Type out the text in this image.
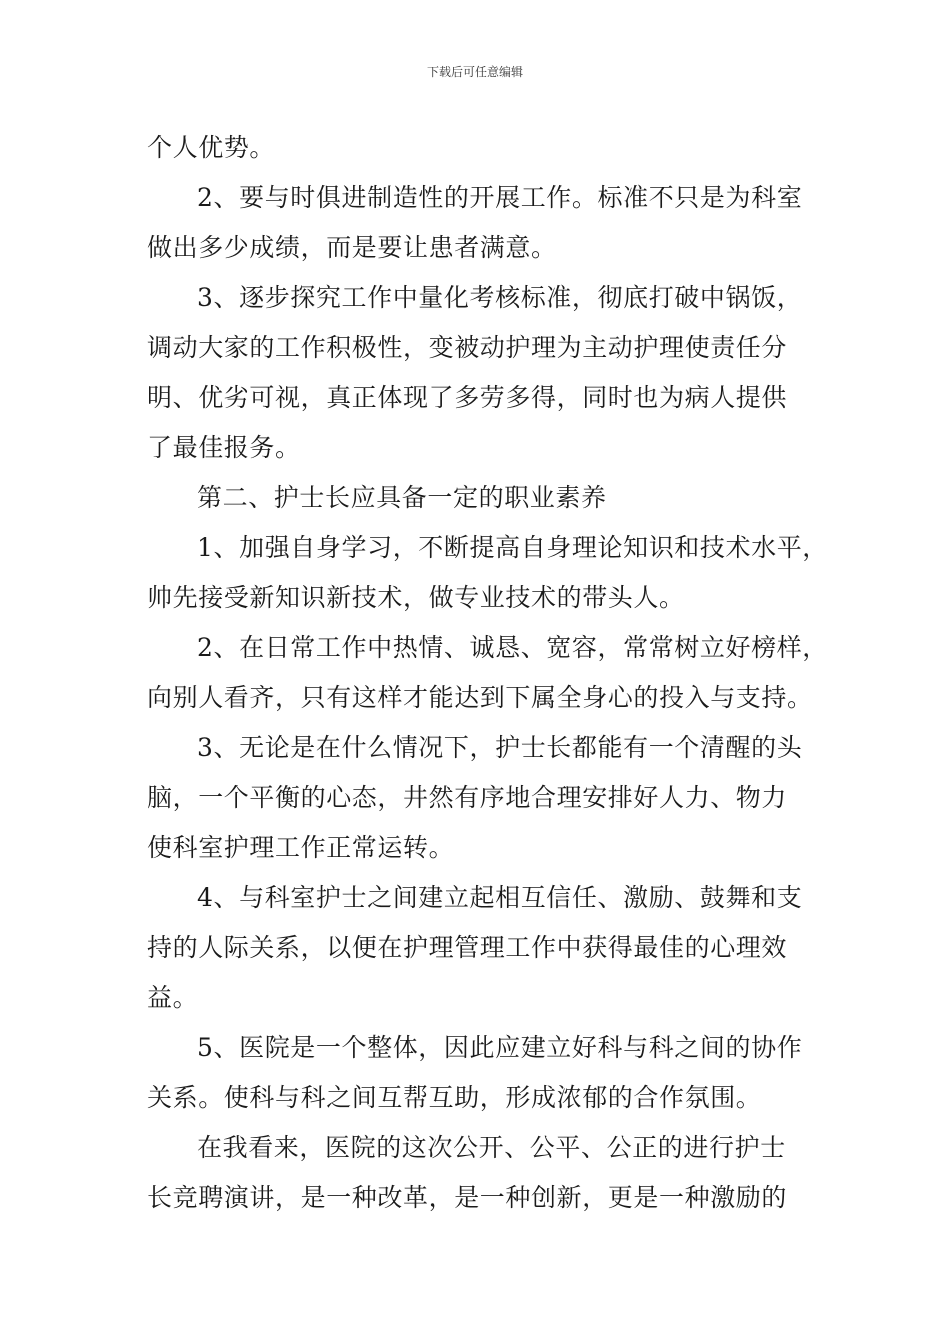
下载后可任意编辑
个人优势。
2、要与时俱进制造性的开展工作。标准不只是为科室
做出多少成绩，而是要让患者满意。
3、逐步探究工作中量化考核标准，彻底打破中锅饭，
调动大家的工作积极性，变被动护理为主动护理使责任分
明、优劣可视，真正体现了多劳多得，同时也为病人提供
了最佳报务。
第二、护士长应具备一定的职业素养
1、加强自身学习，不断提高自身理论知识和技术水平，
帅先接受新知识新技术，做专业技术的带头人。
2、在日常工作中热情、诚恳、宽容，常常树立好榜样，
向别人看齐，只有这样才能达到下属全身心的投入与支持。
3、无论是在什么情况下，护士长都能有一个清醒的头
脑，一个平衡的心态，井然有序地合理安排好人力、物力
使科室护理工作正常运转。
4、与科室护士之间建立起相互信任、激励、鼓舞和支
持的人际关系，以便在护理管理工作中获得最佳的心理效
益。
5、医院是一个整体，因此应建立好科与科之间的协作
关系。使科与科之间互帮互助，形成浓郁的合作氛围。
在我看来，医院的这次公开、公平、公正的进行护士
长竞聘演讲，是一种改革，是一种创新，更是一种激励的
